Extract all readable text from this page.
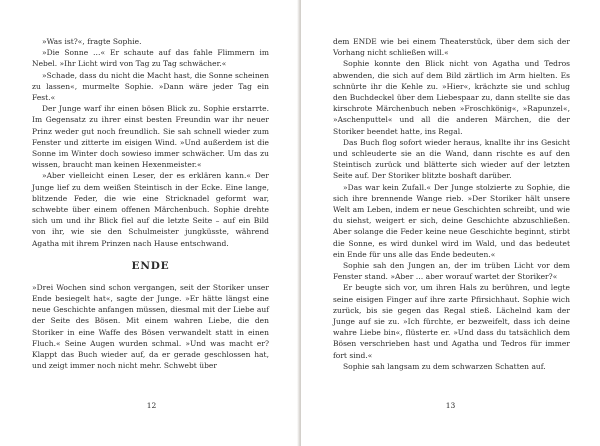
»Was ist?«, fragte Sophie.

»Die Sonne …« Er schaute auf das fahle Flimmern im Nebel. »Ihr Licht wird von Tag zu Tag schwächer.«

»Schade, dass du nicht die Macht hast, die Sonne scheinen zu lassen«, murmelte Sophie. »Dann wäre jeder Tag ein Fest.«

Der Junge warf ihr einen bösen Blick zu. Sophie erstarrte. Im Gegensatz zu ihrer einst besten Freundin war ihr neuer Prinz weder gut noch freundlich. Sie sah schnell wieder zum Fenster und zitterte im eisigen Wind. »Und außerdem ist die Sonne im Winter doch sowieso immer schwächer. Um das zu wissen, braucht man keinen Hexenmeister.«

»Aber vielleicht einen Leser, der es erklären kann.« Der Junge lief zu dem weißen Steintisch in der Ecke. Eine lange, blitzende Feder, die wie eine Stricknadel geformt war, schwebte über einem offenen Märchenbuch. Sophie drehte sich um und ihr Blick fiel auf die letzte Seite – auf ein Bild von ihr, wie sie den Schulmeister jungküsste, während Agatha mit ihrem Prinzen nach Hause entschwand.

ENDE

»Drei Wochen sind schon vergangen, seit der Storiker unser Ende besiegelt hat«, sagte der Junge. »Er hätte längst eine neue Geschichte anfangen müssen, diesmal mit der Liebe auf der Seite des Bösen. Mit einem wahren Liebe, die den Storiker in eine Waffe des Bösen verwandelt statt in einen Fluch.« Seine Augen wurden schmal. »Und was macht er? Klappt das Buch wieder auf, da er gerade geschlossen hat, und zeigt immer noch nicht mehr. Schwebt über

12

dem ENDE wie bei einem Theaterstück, über dem sich der Vorhang nicht schließen will.«

Sophie konnte den Blick nicht von Agatha und Tedros abwenden, die sich auf dem Bild zärtlich im Arm hielten. Es schnürte ihr die Kehle zu. »Hier«, krächzte sie und schlug den Buchdeckel über dem Liebespaar zu, dann stellte sie das kirschrote Märchenbuch neben »Froschkönig«, »Rapunzel«, »Aschenputtel« und all die anderen Märchen, die der Storiker beendet hatte, ins Regal.

Das Buch flog sofort wieder heraus, knallte ihr ins Gesicht und schleuderte sie an die Wand, dann rischte es auf den Steintisch zurück und blätterte sich wieder auf der letzten Seite auf. Der Storiker blitzte boshaft darüber.

»Das war kein Zufall.« Der Junge stolzierte zu Sophie, die sich ihre brennende Wange rieb. »Der Storiker hält unsere Welt am Leben, indem er neue Geschichten schreibt, und wie du siehst, weigert er sich, deine Geschichte abzuschließen. Aber solange die Feder keine neue Geschichte beginnt, stirbt die Sonne, es wird dunkel wird im Wald, und das bedeutet ein Ende für uns alle das Ende bedeuten.«

Sophie sah den Jungen an, der im trüben Licht vor dem Fenster stand. »Aber … aber worauf wartet der Storiker?«

Er beugte sich vor, um ihren Hals zu berühren, und legte seine eisigen Finger auf ihre zarte Pfirsichhaut. Sophie wich zurück, bis sie gegen das Regal stieß. Lächelnd kam der Junge auf sie zu. »Ich fürchte, er bezweifelt, dass ich deine wahre Liebe bin«, flüsterte er. »Und dass du tatsächlich dem Bösen verschrieben hast und Agatha und Tedros für immer fort sind.«

Sophie sah langsam zu dem schwarzen Schatten auf.

13
